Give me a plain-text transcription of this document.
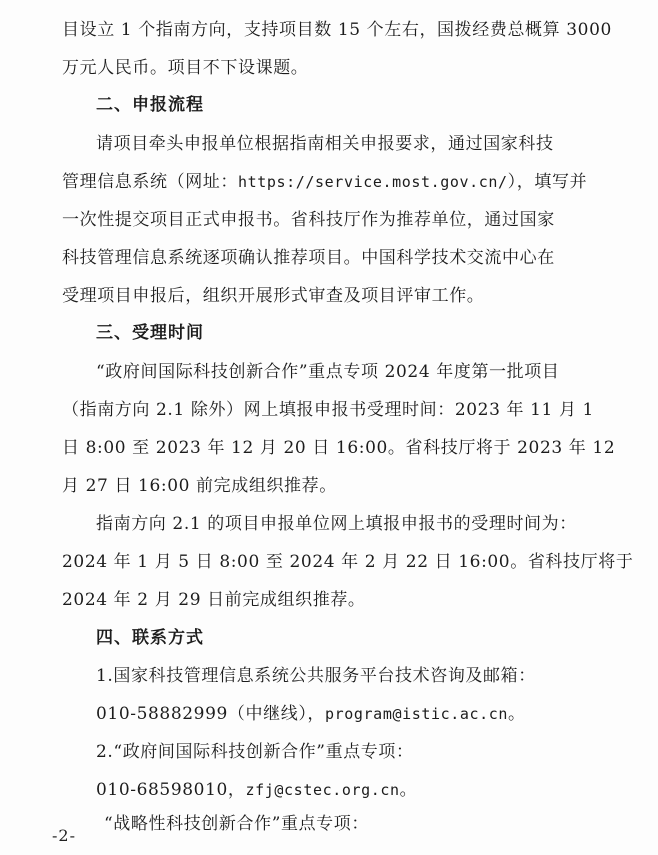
目设立 1 个指南方向，支持项目数 15 个左右，国拨经费总概算 3000
万元人民币。项目不下设课题。
二、申报流程
请项目牵头申报单位根据指南相关申报要求，通过国家科技
管理信息系统（网址：https://service.most.gov.cn/），填写并
一次性提交项目正式申报书。省科技厅作为推荐单位，通过国家
科技管理信息系统逐项确认推荐项目。中国科学技术交流中心在
受理项目申报后，组织开展形式审查及项目评审工作。
三、受理时间
“政府间国际科技创新合作”重点专项 2024 年度第一批项目
（指南方向 2.1 除外）网上填报申报书受理时间：2023 年 11 月 1
日 8:00 至 2023 年 12 月 20 日 16:00。省科技厅将于 2023 年 12
月 27 日 16:00 前完成组织推荐。
指南方向 2.1 的项目申报单位网上填报申报书的受理时间为：
2024 年 1 月 5 日 8:00 至 2024 年 2 月 22 日 16:00。省科技厅将于
2024 年 2 月 29 日前完成组织推荐。
四、联系方式
1.国家科技管理信息系统公共服务平台技术咨询及邮箱：
010-58882999（中继线），program@istic.ac.cn。
2.“政府间国际科技创新合作”重点专项：
010-68598010，zfj@cstec.org.cn。
“战略性科技创新合作”重点专项：
-2-
